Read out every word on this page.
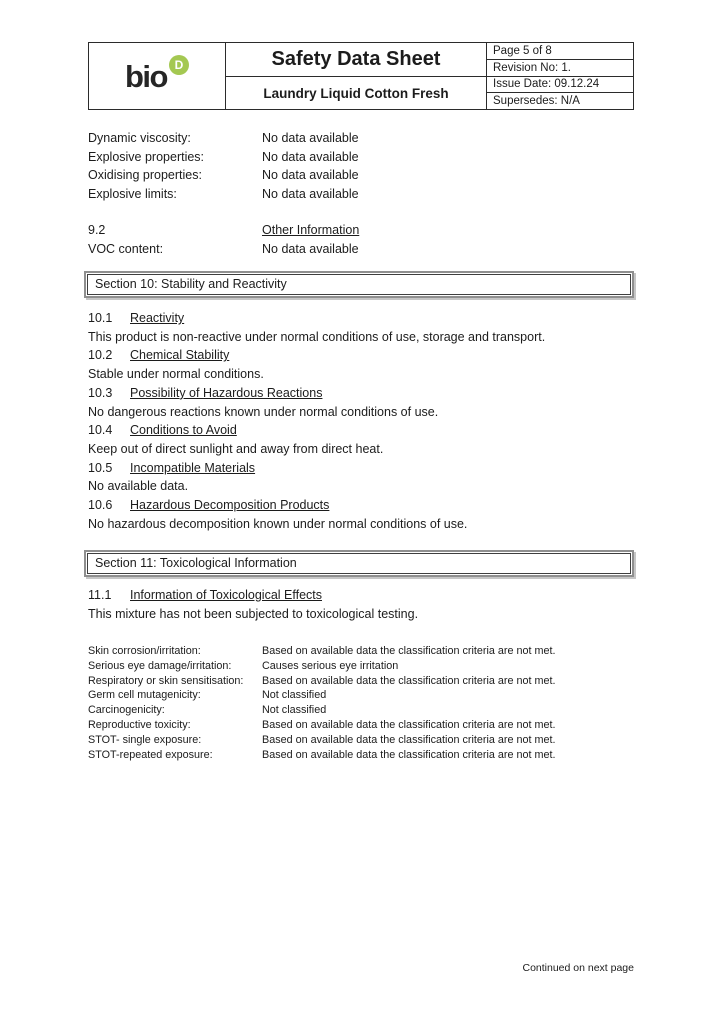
bio D	Safety Data Sheet
Laundry Liquid Cotton Fresh
Page 5 of 8
Revision No: 1.
Issue Date: 09.12.24
Supersedes: N/A
Dynamic viscosity:	No data available
Explosive properties:	No data available
Oxidising properties:	No data available
Explosive limits:	No data available
9.2	Other Information
VOC content:	No data available
Section 10: Stability and Reactivity
10.1	Reactivity
This product is non-reactive under normal conditions of use, storage and transport.
10.2	Chemical Stability
Stable under normal conditions.
10.3	Possibility of Hazardous Reactions
No dangerous reactions known under normal conditions of use.
10.4	Conditions to Avoid
Keep out of direct sunlight and away from direct heat.
10.5	Incompatible Materials
No available data.
10.6	Hazardous Decomposition Products
No hazardous decomposition known under normal conditions of use.
Section 11: Toxicological Information
11.1	Information of Toxicological Effects
This mixture has not been subjected to toxicological testing.
Skin corrosion/irritation:	Based on available data the classification criteria are not met.
Serious eye damage/irritation:	Causes serious eye irritation
Respiratory or skin sensitisation:	Based on available data the classification criteria are not met.
Germ cell mutagenicity:	Not classified
Carcinogenicity:	Not classified
Reproductive toxicity:	Based on available data the classification criteria are not met.
STOT- single exposure:	Based on available data the classification criteria are not met.
STOT-repeated exposure:	Based on available data the classification criteria are not met.
Continued on next page
